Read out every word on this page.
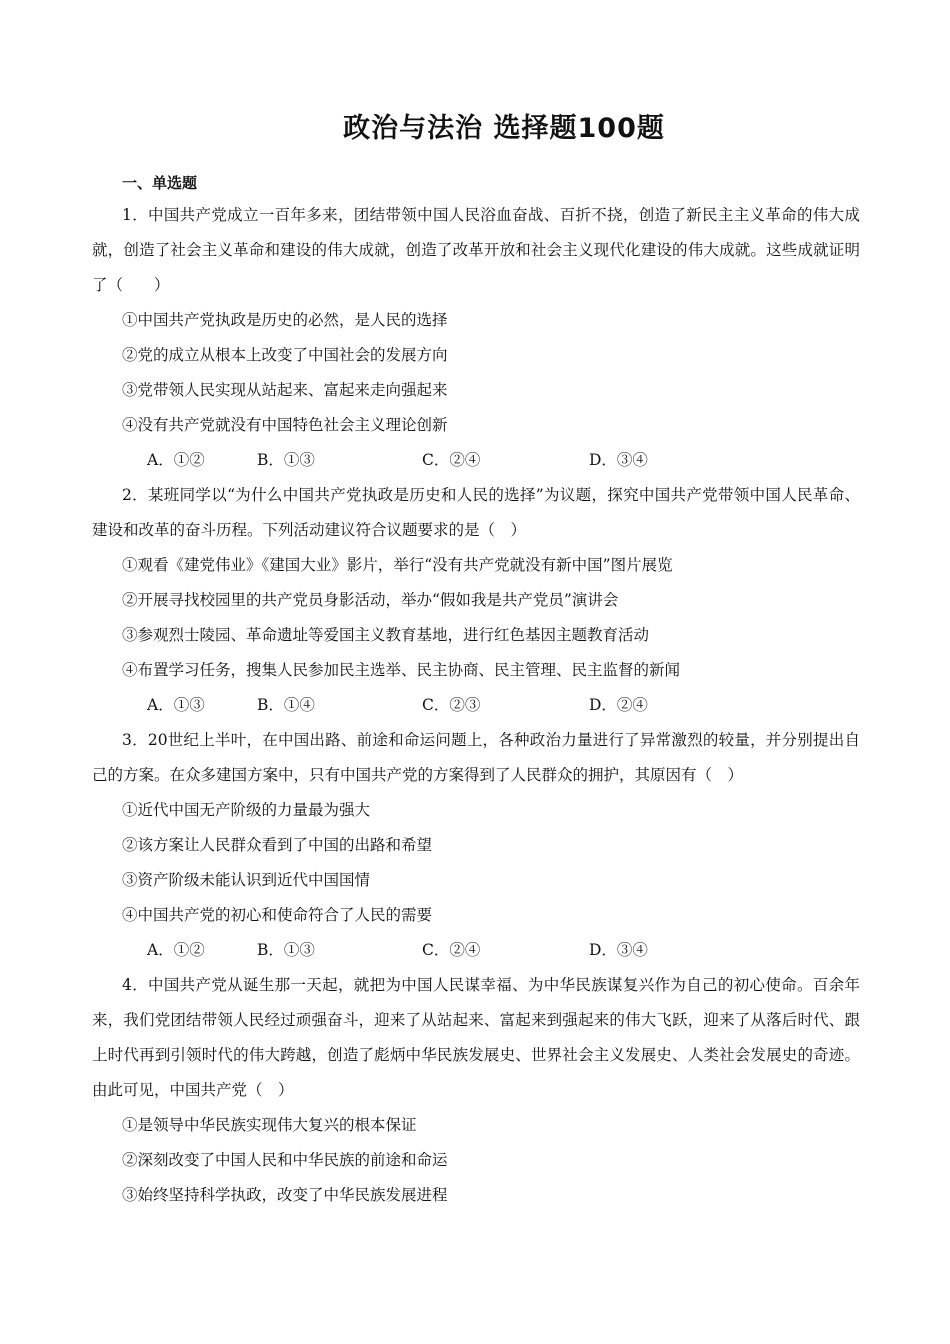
政治与法治 选择题100题
一、单选题

1．中国共产党成立一百年多来，团结带领中国人民浴血奋战、百折不挠，创造了新民主主义革命的伟大成就，创造了社会主义革命和建设的伟大成就，创造了改革开放和社会主义现代化建设的伟大成就。这些成就证明了（　　）

①中国共产党执政是历史的必然，是人民的选择

②党的成立从根本上改变了中国社会的发展方向

③党带领人民实现从站起来、富起来走向强起来

④没有共产党就没有中国特色社会主义理论创新

A．①②	B．①③	C．②④	D．③④

2．某班同学以“为什么中国共产党执政是历史和人民的选择”为议题，探究中国共产党带领中国人民革命、建设和改革的奋斗历程。下列活动建议符合议题要求的是（　）

①观看《建党伟业》《建国大业》影片，举行“没有共产党就没有新中国”图片展览

②开展寻找校园里的共产党员身影活动，举办“假如我是共产党员”演讲会

③参观烈士陵园、革命遗址等爱国主义教育基地，进行红色基因主题教育活动

④布置学习任务，搜集人民参加民主选举、民主协商、民主管理、民主监督的新闻

A．①③	B．①④	C．②③	D．②④

3．20世纪上半叶，在中国出路、前途和命运问题上，各种政治力量进行了异常激烈的较量，并分别提出自己的方案。在众多建国方案中，只有中国共产党的方案得到了人民群众的拥护，其原因有（　）

①近代中国无产阶级的力量最为强大

②该方案让人民群众看到了中国的出路和希望

③资产阶级未能认识到近代中国国情

④中国共产党的初心和使命符合了人民的需要

A．①②	B．①③	C．②④	D．③④

4．中国共产党从诞生那一天起，就把为中国人民谋幸福、为中华民族谋复兴作为自己的初心使命。百余年来，我们党团结带领人民经过顽强奋斗，迎来了从站起来、富起来到强起来的伟大飞跃，迎来了从落后时代、跟上时代再到引领时代的伟大跨越，创造了彪炳中华民族发展史、世界社会主义发展史、人类社会发展史的奇迹。由此可见，中国共产党（　）

①是领导中华民族实现伟大复兴的根本保证

②深刻改变了中国人民和中华民族的前途和命运

③始终坚持科学执政，改变了中华民族发展进程
